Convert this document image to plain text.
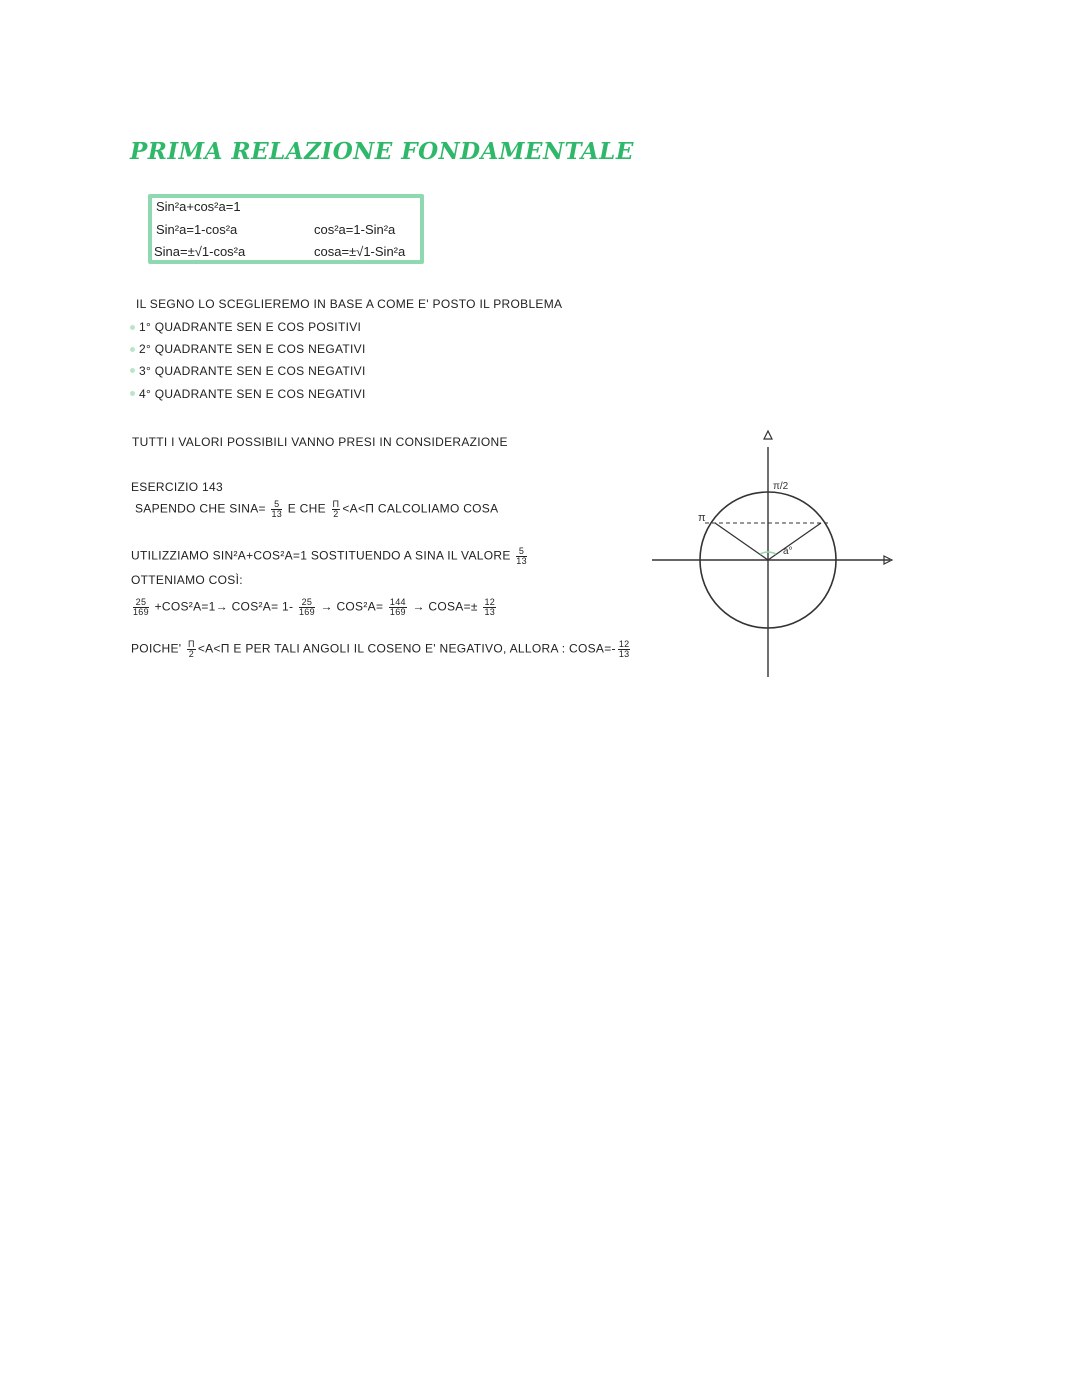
PRIMA RELAZIONE FONDAMENTALE
Sin²a+cos²a=1
Sin²a=1-cos²a
Sina=±√1-cos²a
cos²a=1-Sin²a
cosa=±√1-Sin²a
IL SEGNO LO SCEGLIEREMO IN BASE A COME E' POSTO IL PROBLEMA
1° QUADRANTE SEN E COS POSITIVI
2° QUADRANTE SEN E COS NEGATIVI
3° QUADRANTE SEN E COS NEGATIVI
4° QUADRANTE SEN E COS NEGATIVI
TUTTI I VALORI POSSIBILI VANNO PRESI IN CONSIDERAZIONE
ESERCIZIO 143
SAPENDO CHE SINA= $\frac{5}{13}$ E CHE $\frac{\Pi}{2} <A<\Pi$ CALCOLIAMO COSA
UTILIZZIAMO SIN²A+COS²A=1 SOSTITUENDO A SINA IL VALORE $\frac{5}{13}$
OTTENIAMO COSÌ:
$\frac{25}{169} +COS^2A=1\to COS^2A= 1- \frac{25}{169} \to COS^2A= \frac{144}{169}$ → COSA=± $\frac{12}{13}$
POICHE' $\frac{\Pi}{2} <A<\Pi$ E PER TALI ANGOLI IL COSENO E' NEGATIVO, ALLORA : COSA=- $\frac{12}{13}$
π
π/2
a°
